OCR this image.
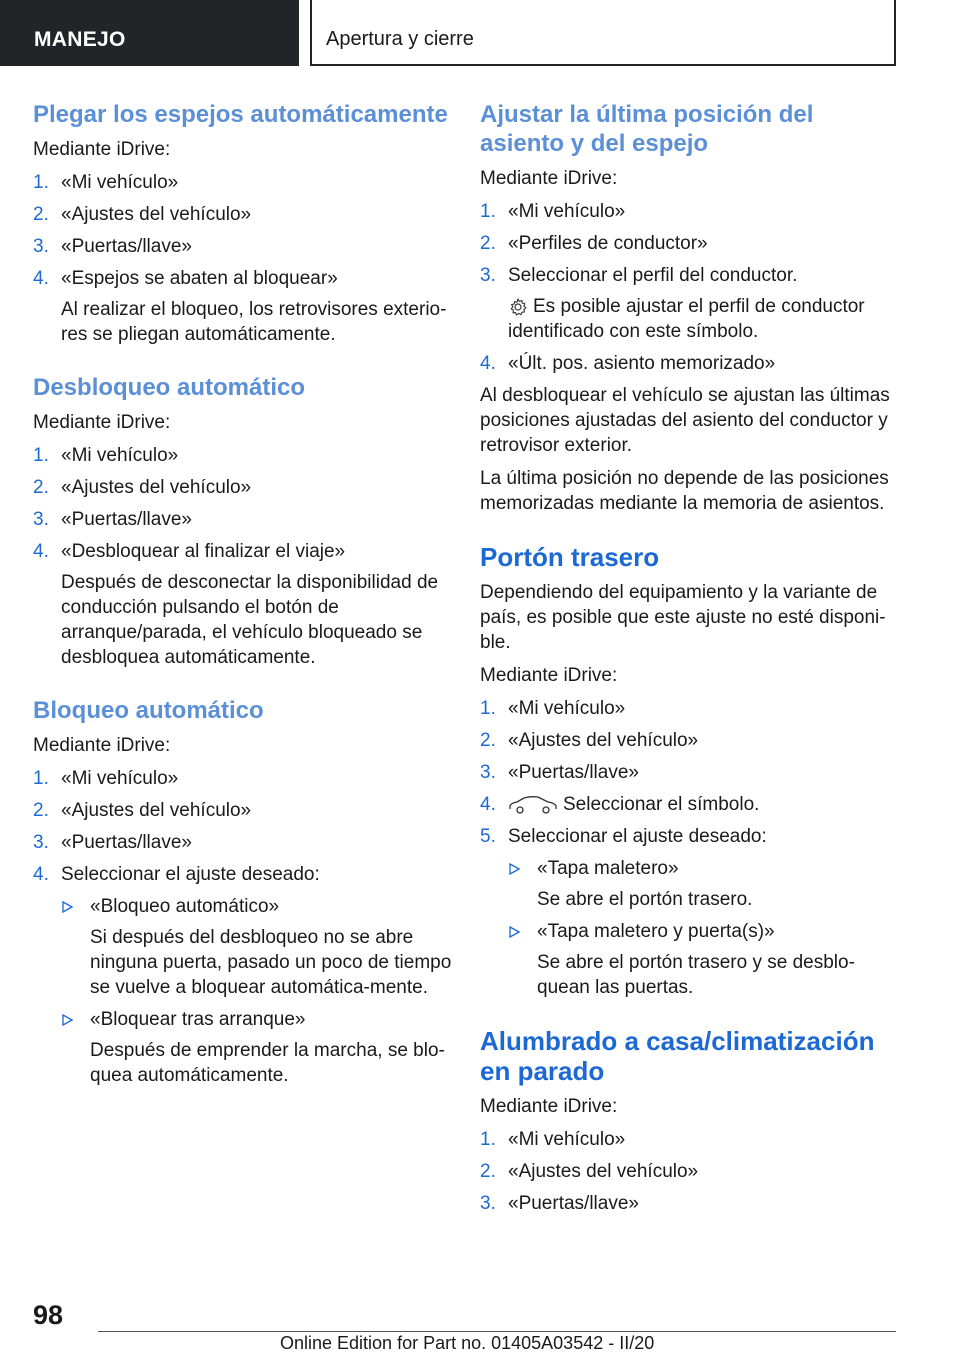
MANEJO	Apertura y cierre
Plegar los espejos automáticamente

Mediante iDrive:

1. «Mi vehículo»
2. «Ajustes del vehículo»
3. «Puertas/llave»
4. «Espejos se abaten al bloquear»
Al realizar el bloqueo, los retrovisores exterio-res se pliegan automáticamente.
Desbloqueo automático

Mediante iDrive:

1. «Mi vehículo»
2. «Ajustes del vehículo»
3. «Puertas/llave»
4. «Desbloquear al finalizar el viaje»
Después de desconectar la disponibilidad de conducción pulsando el botón de arranque/parada, el vehículo bloqueado se desbloquea automáticamente.
Bloqueo automático

Mediante iDrive:

1. «Mi vehículo»
2. «Ajustes del vehículo»
3. «Puertas/llave»
4. Seleccionar el ajuste deseado:
«Bloqueo automático»
Si después del desbloqueo no se abre ninguna puerta, pasado un poco de tiempo se vuelve a bloquear automática-mente.
«Bloquear tras arranque»
Después de emprender la marcha, se blo-quea automáticamente.
Ajustar la última posición del asiento y del espejo

Mediante iDrive:

1. «Mi vehículo»
2. «Perfiles de conductor»
3. Seleccionar el perfil del conductor.
Es posible ajustar el perfil de conductor identificado con este símbolo.
4. «Últ. pos. asiento memorizado»

Al desbloquear el vehículo se ajustan las últimas posiciones ajustadas del asiento del conductor y retrovisor exterior.

La última posición no depende de las posiciones memorizadas mediante la memoria de asientos.

Portón trasero

Dependiendo del equipamiento y la variante de país, es posible que este ajuste no esté disponi-ble.

Mediante iDrive:

1. «Mi vehículo»
2. «Ajustes del vehículo»
3. «Puertas/llave»
4.	Seleccionar el símbolo.
5. Seleccionar el ajuste deseado:
«Tapa maletero»
Se abre el portón trasero.
«Tapa maletero y puerta(s)»
Se abre el portón trasero y se desblo-quean las puertas.
Alumbrado a casa/climatización en parado

Mediante iDrive:

1. «Mi vehículo»
2. «Ajustes del vehículo»
3. «Puertas/llave»
98
Online Edition for Part no. 01405A03542 - II/20
